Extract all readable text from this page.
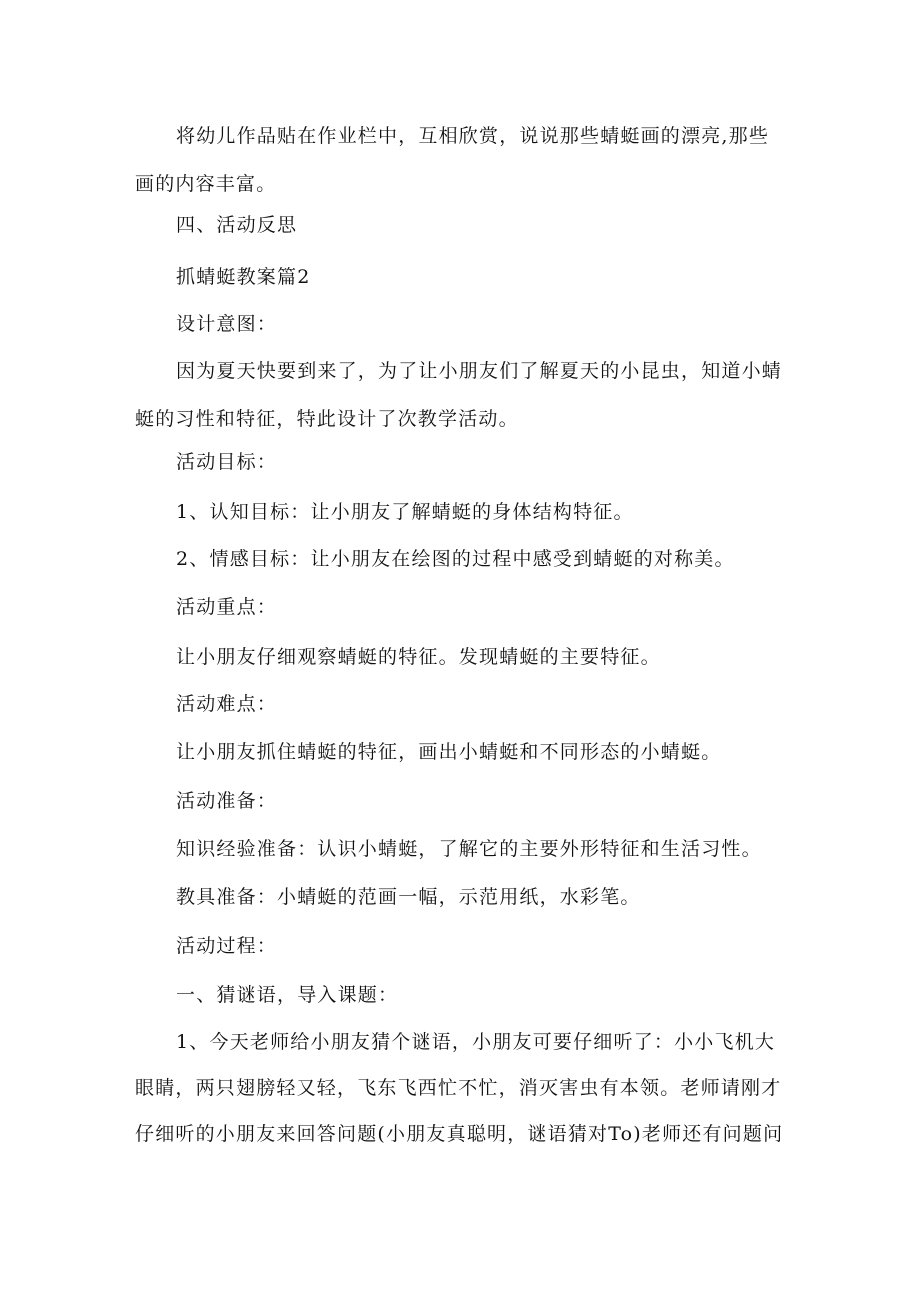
将幼儿作品贴在作业栏中，互相欣赏，说说那些蜻蜓画的漂亮,那些
画的内容丰富。
四、活动反思
抓蜻蜓教案篇2
设计意图：
因为夏天快要到来了，为了让小朋友们了解夏天的小昆虫，知道小蜻
蜓的习性和特征，特此设计了次教学活动。
活动目标：
1、认知目标：让小朋友了解蜻蜓的身体结构特征。
2、情感目标：让小朋友在绘图的过程中感受到蜻蜓的对称美。
活动重点：
让小朋友仔细观察蜻蜓的特征。发现蜻蜓的主要特征。
活动难点：
让小朋友抓住蜻蜓的特征，画出小蜻蜓和不同形态的小蜻蜓。
活动准备：
知识经验准备：认识小蜻蜓，了解它的主要外形特征和生活习性。
教具准备：小蜻蜓的范画一幅，示范用纸，水彩笔。
活动过程：
一、猜谜语，导入课题：
1、今天老师给小朋友猜个谜语，小朋友可要仔细听了：小小飞机大
眼睛，两只翅膀轻又轻，飞东飞西忙不忙，消灭害虫有本领。老师请刚才
仔细听的小朋友来回答问题(小朋友真聪明，谜语猜对To)老师还有问题问
